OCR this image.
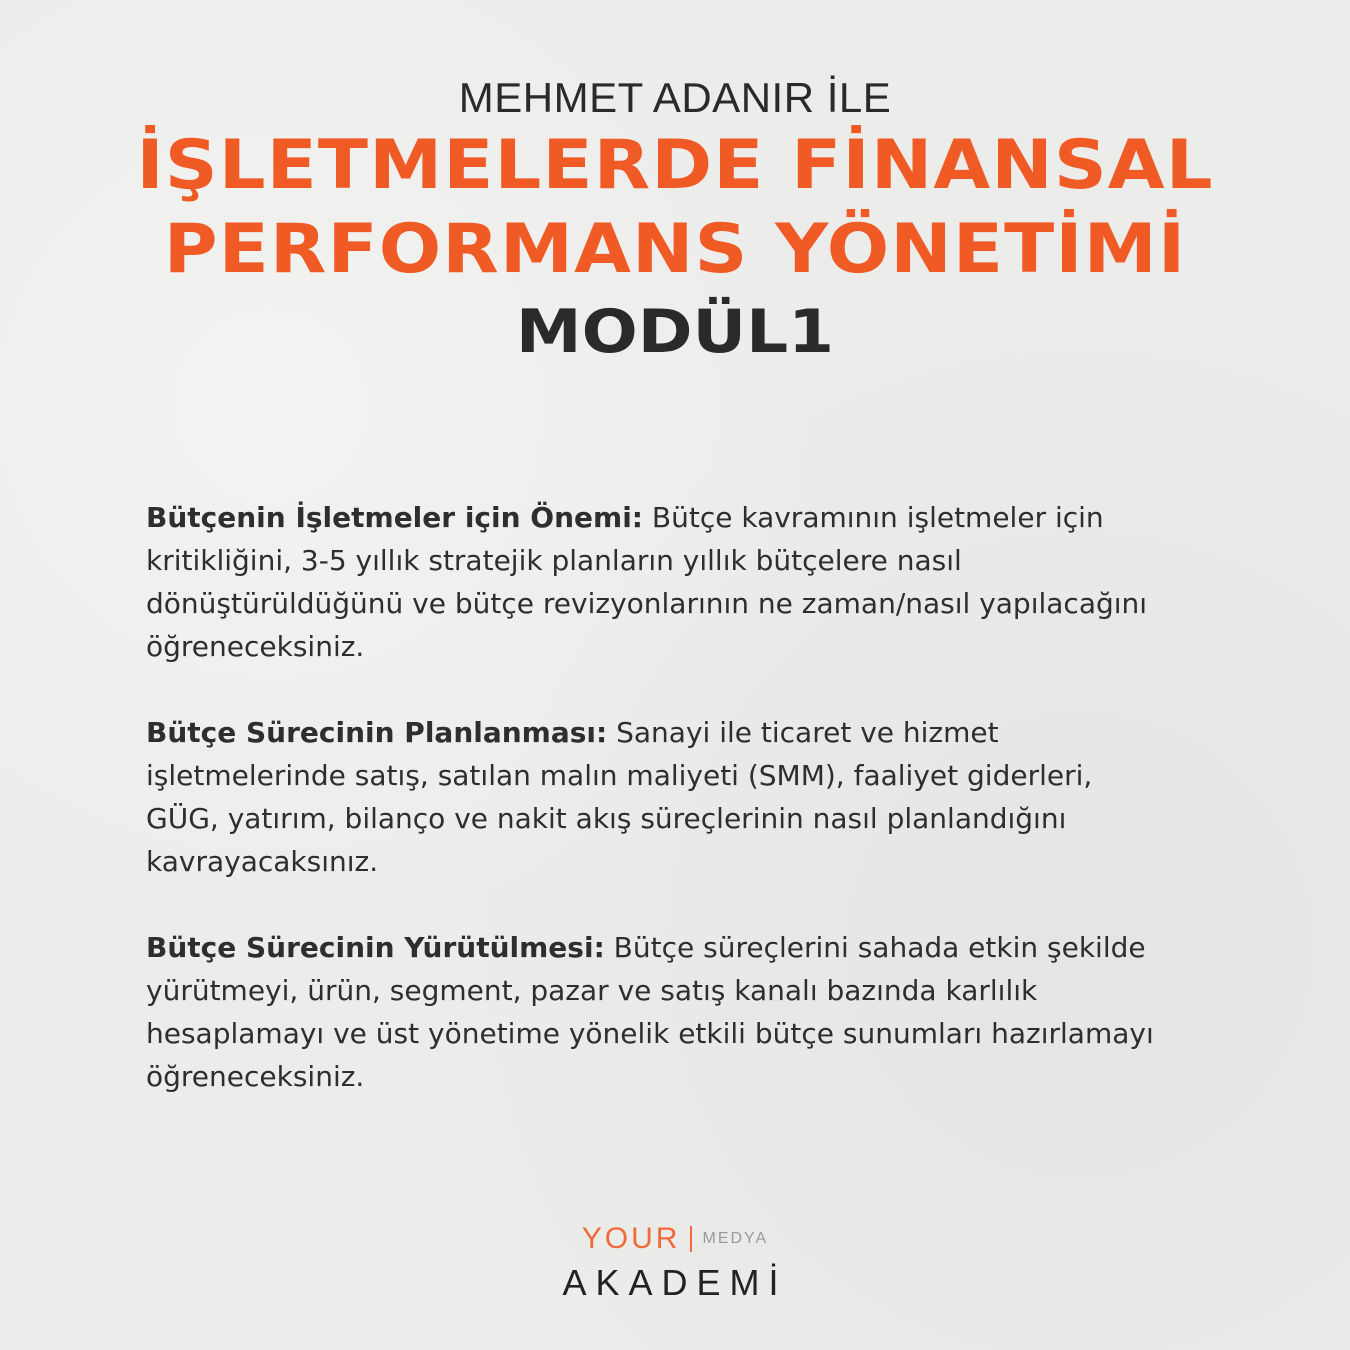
MEHMET ADANIR İLE

İŞLETMELERDE FİNANSAL

PERFORMANS YÖNETİMİ

MODÜL1

Bütçenin İşletmeler için Önemi: Bütçe kavramının işletmeler için kritikliğini, 3-5 yıllık stratejik planların yıllık bütçelere nasıl dönüştürüldüğünü ve bütçe revizyonlarının ne zaman/nasıl yapılacağını öğreneceksiniz.

Bütçe Sürecinin Planlanması: Sanayi ile ticaret ve hizmet işletmelerinde satış, satılan malın maliyeti (SMM), faaliyet giderleri, GÜG, yatırım, bilanço ve nakit akış süreçlerinin nasıl planlandığını kavrayacaksınız.

Bütçe Sürecinin Yürütülmesi: Bütçe süreçlerini sahada etkin şekilde yürütmeyi, ürün, segment, pazar ve satış kanalı bazında karlılık hesaplamayı ve üst yönetime yönelik etkili bütçe sunumları hazırlamayı öğreneceksiniz.

YOUR MEDYA
AKADEMİ
